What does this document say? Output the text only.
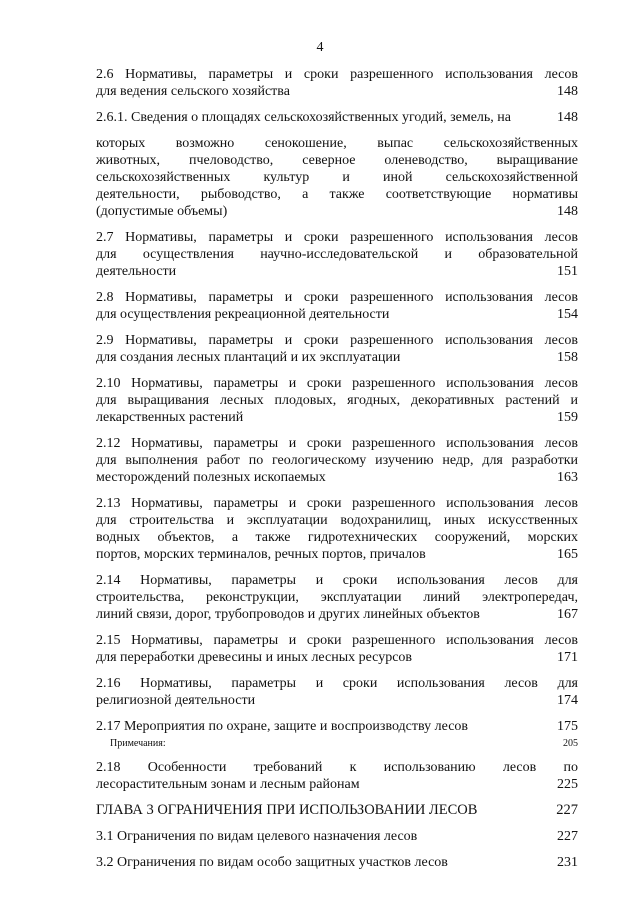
4
2.6 Нормативы, параметры и сроки разрешенного использования лесов
для ведения сельского хозяйства	148
2.6.1. Сведения о площадях сельскохозяйственных угодий, земель, на	148
которых возможно сенокошение, выпас сельскохозяйственных
животных, пчеловодство, северное оленеводство, выращивание
сельскохозяйственных культур и иной сельскохозяйственной
деятельности, рыбоводство, а также соответствующие нормативы
(допустимые объемы)	148
2.7 Нормативы, параметры и сроки разрешенного использования лесов
для осуществления научно-исследовательской и образовательной
деятельности	151
2.8 Нормативы, параметры и сроки разрешенного использования лесов
для осуществления рекреационной деятельности	154
2.9 Нормативы, параметры и сроки разрешенного использования лесов
для создания лесных плантаций и их эксплуатации	158
2.10 Нормативы, параметры и сроки разрешенного использования лесов
для выращивания лесных плодовых, ягодных, декоративных растений и
лекарственных растений	159
2.12 Нормативы, параметры и сроки разрешенного использования лесов
для выполнения работ по геологическому изучению недр, для разработки
месторождений полезных ископаемых	163
2.13 Нормативы, параметры и сроки разрешенного использования лесов
для строительства и эксплуатации водохранилищ, иных искусственных
водных объектов, а также гидротехнических сооружений, морских
портов, морских терминалов, речных портов, причалов	165
2.14 Нормативы, параметры и сроки использования лесов для
строительства, реконструкции, эксплуатации линий электропередач,
линий связи, дорог, трубопроводов и других линейных объектов	167
2.15 Нормативы, параметры и сроки разрешенного использования лесов
для переработки древесины и иных лесных ресурсов	171
2.16 Нормативы, параметры и сроки использования лесов для
религиозной деятельности	174
2.17 Мероприятия по охране, защите и воспроизводству лесов	175
Примечания:	205
2.18 Особенности требований к использованию лесов по
лесорастительным зонам и лесным районам	225
ГЛАВА 3 ОГРАНИЧЕНИЯ ПРИ ИСПОЛЬЗОВАНИИ ЛЕСОВ	227
3.1 Ограничения по видам целевого назначения лесов	227
3.2 Ограничения по видам особо защитных участков лесов	231
